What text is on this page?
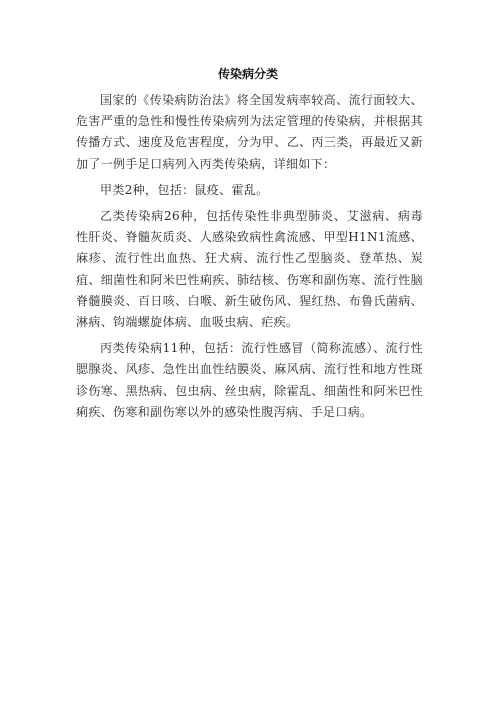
传染病分类

国家的《传染病防治法》将全国发病率较高、流行面较大、危害严重的急性和慢性传染病列为法定管理的传染病，并根据其传播方式、速度及危害程度，分为甲、乙、丙三类，再最近又新加了一例手足口病列入丙类传染病，详细如下：

甲类2种，包括：鼠疫、霍乱。

乙类传染病26种，包括传染性非典型肺炎、艾滋病、病毒性肝炎、脊髓灰质炎、人感染致病性禽流感、甲型H1N1流感、麻疹、流行性出血热、狂犬病、流行性乙型脑炎、登革热、炭疽、细菌性和阿米巴性痢疾、肺结核、伤寒和副伤寒、流行性脑脊髓膜炎、百日咳、白喉、新生破伤风、猩红热、布鲁氏菌病、淋病、钩端螺旋体病、血吸虫病、疟疾。

丙类传染病11种，包括：流行性感冒（简称流感）、流行性腮腺炎、风疹、急性出血性结膜炎、麻风病、流行性和地方性斑诊伤寒、黑热病、包虫病、丝虫病，除霍乱、细菌性和阿米巴性痢疾、伤寒和副伤寒以外的感染性腹泻病、手足口病。
